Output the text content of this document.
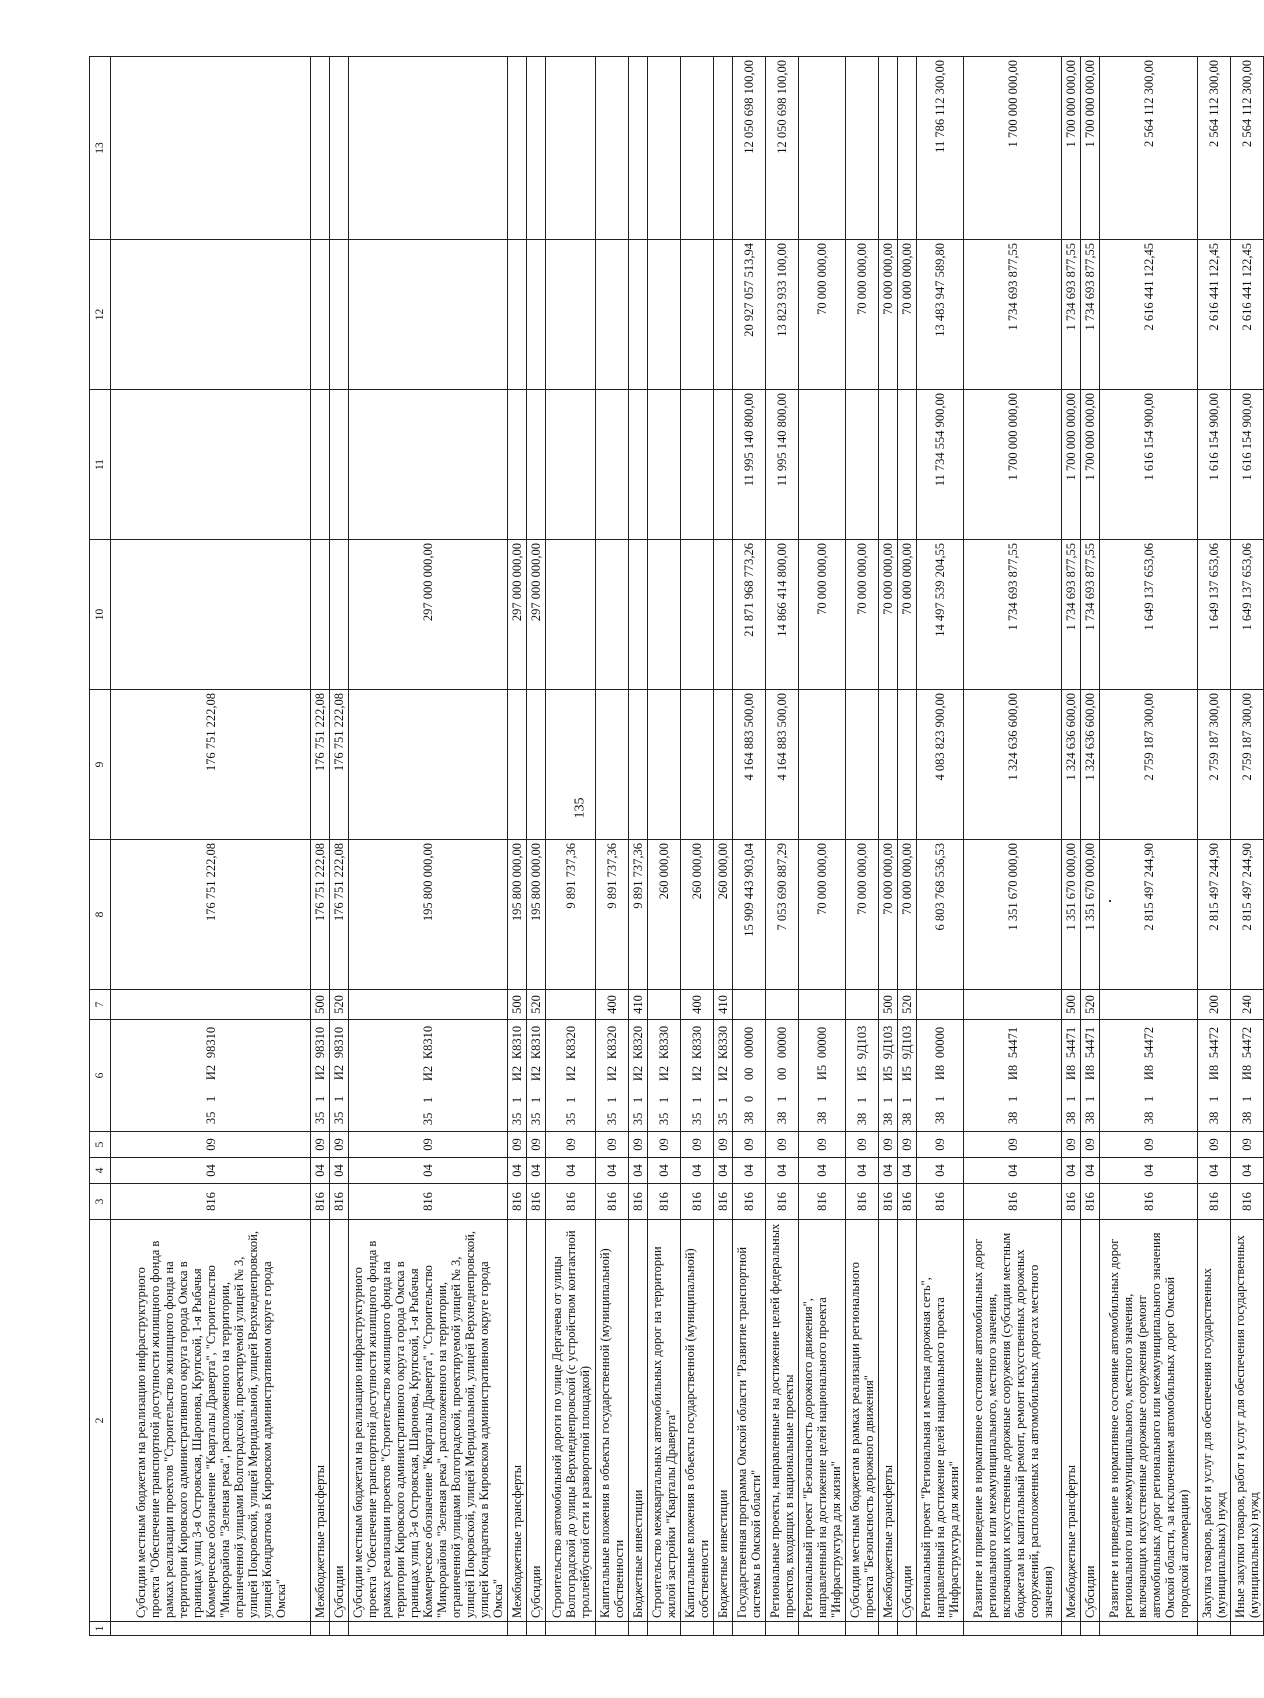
135
1	2	3	4	5	6	7	8	9	10	11	12	13
	Субсидии местным бюджетам на реализацию инфраструктурного проекта "Обеспечение транспортной доступности жилищного фонда в рамках реализации проектов "Строительство жилищного фонда на территории Кировского административного округа города Омска в границах улиц 3-я Островская, Шаронова, Крупской, 1-я Рыбачья Коммерческое обозначение "Кварталы Драверта", "Строительство "Микрорайона "Зеленая река", расположенного на территории, ограниченной улицами Волгоградской, проектируемой улицей № 3, улицей Покровской, улицей Меридиальной, улицей Верхнеднепровской, улицей Кондратюка в Кировском административном округе города Омска"	816	04	09	351И298310		176 751 222,08	176 751 222,08				
	Межбюджетные трансферты	816	04	09	351И298310	500	176 751 222,08	176 751 222,08				
	Субсидии	816	04	09	351И298310	520	176 751 222,08	176 751 222,08				
	Субсидии местным бюджетам на реализацию инфраструктурного проекта "Обеспечение транспортной доступности жилищного фонда в рамках реализации проектов "Строительство жилищного фонда на территории Кировского административного округа города Омска в границах улиц 3-я Островская, Шаронова, Крупской, 1-я Рыбачья Коммерческое обозначение "Кварталы Драверта", "Строительство "Микрорайона "Зеленая река", расположенного на территории, ограниченной улицами Волгоградской, проектируемой улицей № 3, улицей Покровской, улицей Меридиальной, улицей Верхнеднепровской, улицей Кондратюка в Кировском административном округе города Омска"	816	04	09	351И2К8310		195 800 000,00		297 000 000,00			
	Межбюджетные трансферты	816	04	09	351И2К8310	500	195 800 000,00		297 000 000,00			
	Субсидии	816	04	09	351И2К8310	520	195 800 000,00		297 000 000,00			
	Строительство автомобильной дороги по улице Дергачева от улицы Волгоградской до улицы Верхнеднепровской (с устройством контактной троллейбусной сети и разворотной площадкой)	816	04	09	351И2К8320		9 891 737,36					
	Капитальные вложения в объекты государственной (муниципальной) собственности	816	04	09	351И2К8320	400	9 891 737,36					
	Бюджетные инвестиции	816	04	09	351И2К8320	410	9 891 737,36					
	Строительство межквартальных автомобильных дорог на территории жилой застройки "Кварталы Драверта"	816	04	09	351И2К8330		260 000,00					
	Капитальные вложения в объекты государственной (муниципальной) собственности	816	04	09	351И2К8330	400	260 000,00					
	Бюджетные инвестиции	816	04	09	351И2К8330	410	260 000,00					
	Государственная программа Омской области "Развитие транспортной системы в Омской области"	816	04	09	3800000000		15 909 443 903,04	4 164 883 500,00	21 871 968 773,26	11 995 140 800,00	20 927 057 513,94	12 050 698 100,00
	Региональные проекты, направленные на достижение целей федеральных проектов, входящих в национальные проекты	816	04	09	3810000000		7 053 690 887,29	4 164 883 500,00	14 866 414 800,00	11 995 140 800,00	13 823 933 100,00	12 050 698 100,00
	Региональный проект "Безопасность дорожного движения", направленный на достижение целей национального проекта "Инфраструктура для жизни"	816	04	09	381И500000		70 000 000,00		70 000 000,00		70 000 000,00	
	Субсидии местным бюджетам в рамках реализации регионального проекта "Безопасность дорожного движения"	816	04	09	381И59Д103		70 000 000,00		70 000 000,00		70 000 000,00	
	Межбюджетные трансферты	816	04	09	381И59Д103	500	70 000 000,00		70 000 000,00		70 000 000,00	
	Субсидии	816	04	09	381И59Д103	520	70 000 000,00		70 000 000,00		70 000 000,00	
	Региональный проект "Региональная и местная дорожная сеть", направленный на достижение целей национального проекта "Инфраструктура для жизни"	816	04	09	381И800000		6 803 768 536,53	4 083 823 900,00	14 497 539 204,55	11 734 554 900,00	13 483 947 589,80	11 786 112 300,00
	Развитие и приведение в нормативное состояние автомобильных дорог регионального или межмуниципального, местного значения, включающих искусственные дорожные сооружения (субсидии местным бюджетам на капитальный ремонт, ремонт искусственных дорожных сооружений, расположенных на автомобильных дорогах местного значения)	816	04	09	381И854471		1 351 670 000,00	1 324 636 600,00	1 734 693 877,55	1 700 000 000,00	1 734 693 877,55	1 700 000 000,00
	Межбюджетные трансферты	816	04	09	381И854471	500	1 351 670 000,00	1 324 636 600,00	1 734 693 877,55	1 700 000 000,00	1 734 693 877,55	1 700 000 000,00
	Субсидии	816	04	09	381И854471	520	1 351 670 000,00	1 324 636 600,00	1 734 693 877,55	1 700 000 000,00	1 734 693 877,55	1 700 000 000,00
	Развитие и приведение в нормативное состояние автомобильных дорог регионального или межмуниципального, местного значения, включающих искусственные дорожные сооружения (ремонт автомобильных дорог регионального или межмуниципального значения Омской области, за исключением автомобильных дорог Омской городской агломерации)	816	04	09	381И854472		2 815 497 244,90	2 759 187 300,00	1 649 137 653,06	1 616 154 900,00	2 616 441 122,45	2 564 112 300,00
	Закупка товаров, работ и услуг для обеспечения государственных (муниципальных) нужд	816	04	09	381И854472	200	2 815 497 244,90	2 759 187 300,00	1 649 137 653,06	1 616 154 900,00	2 616 441 122,45	2 564 112 300,00
	Иные закупки товаров, работ и услуг для обеспечения государственных (муниципальных) нужд	816	04	09	381И854472	240	2 815 497 244,90	2 759 187 300,00	1 649 137 653,06	1 616 154 900,00	2 616 441 122,45	2 564 112 300,00
